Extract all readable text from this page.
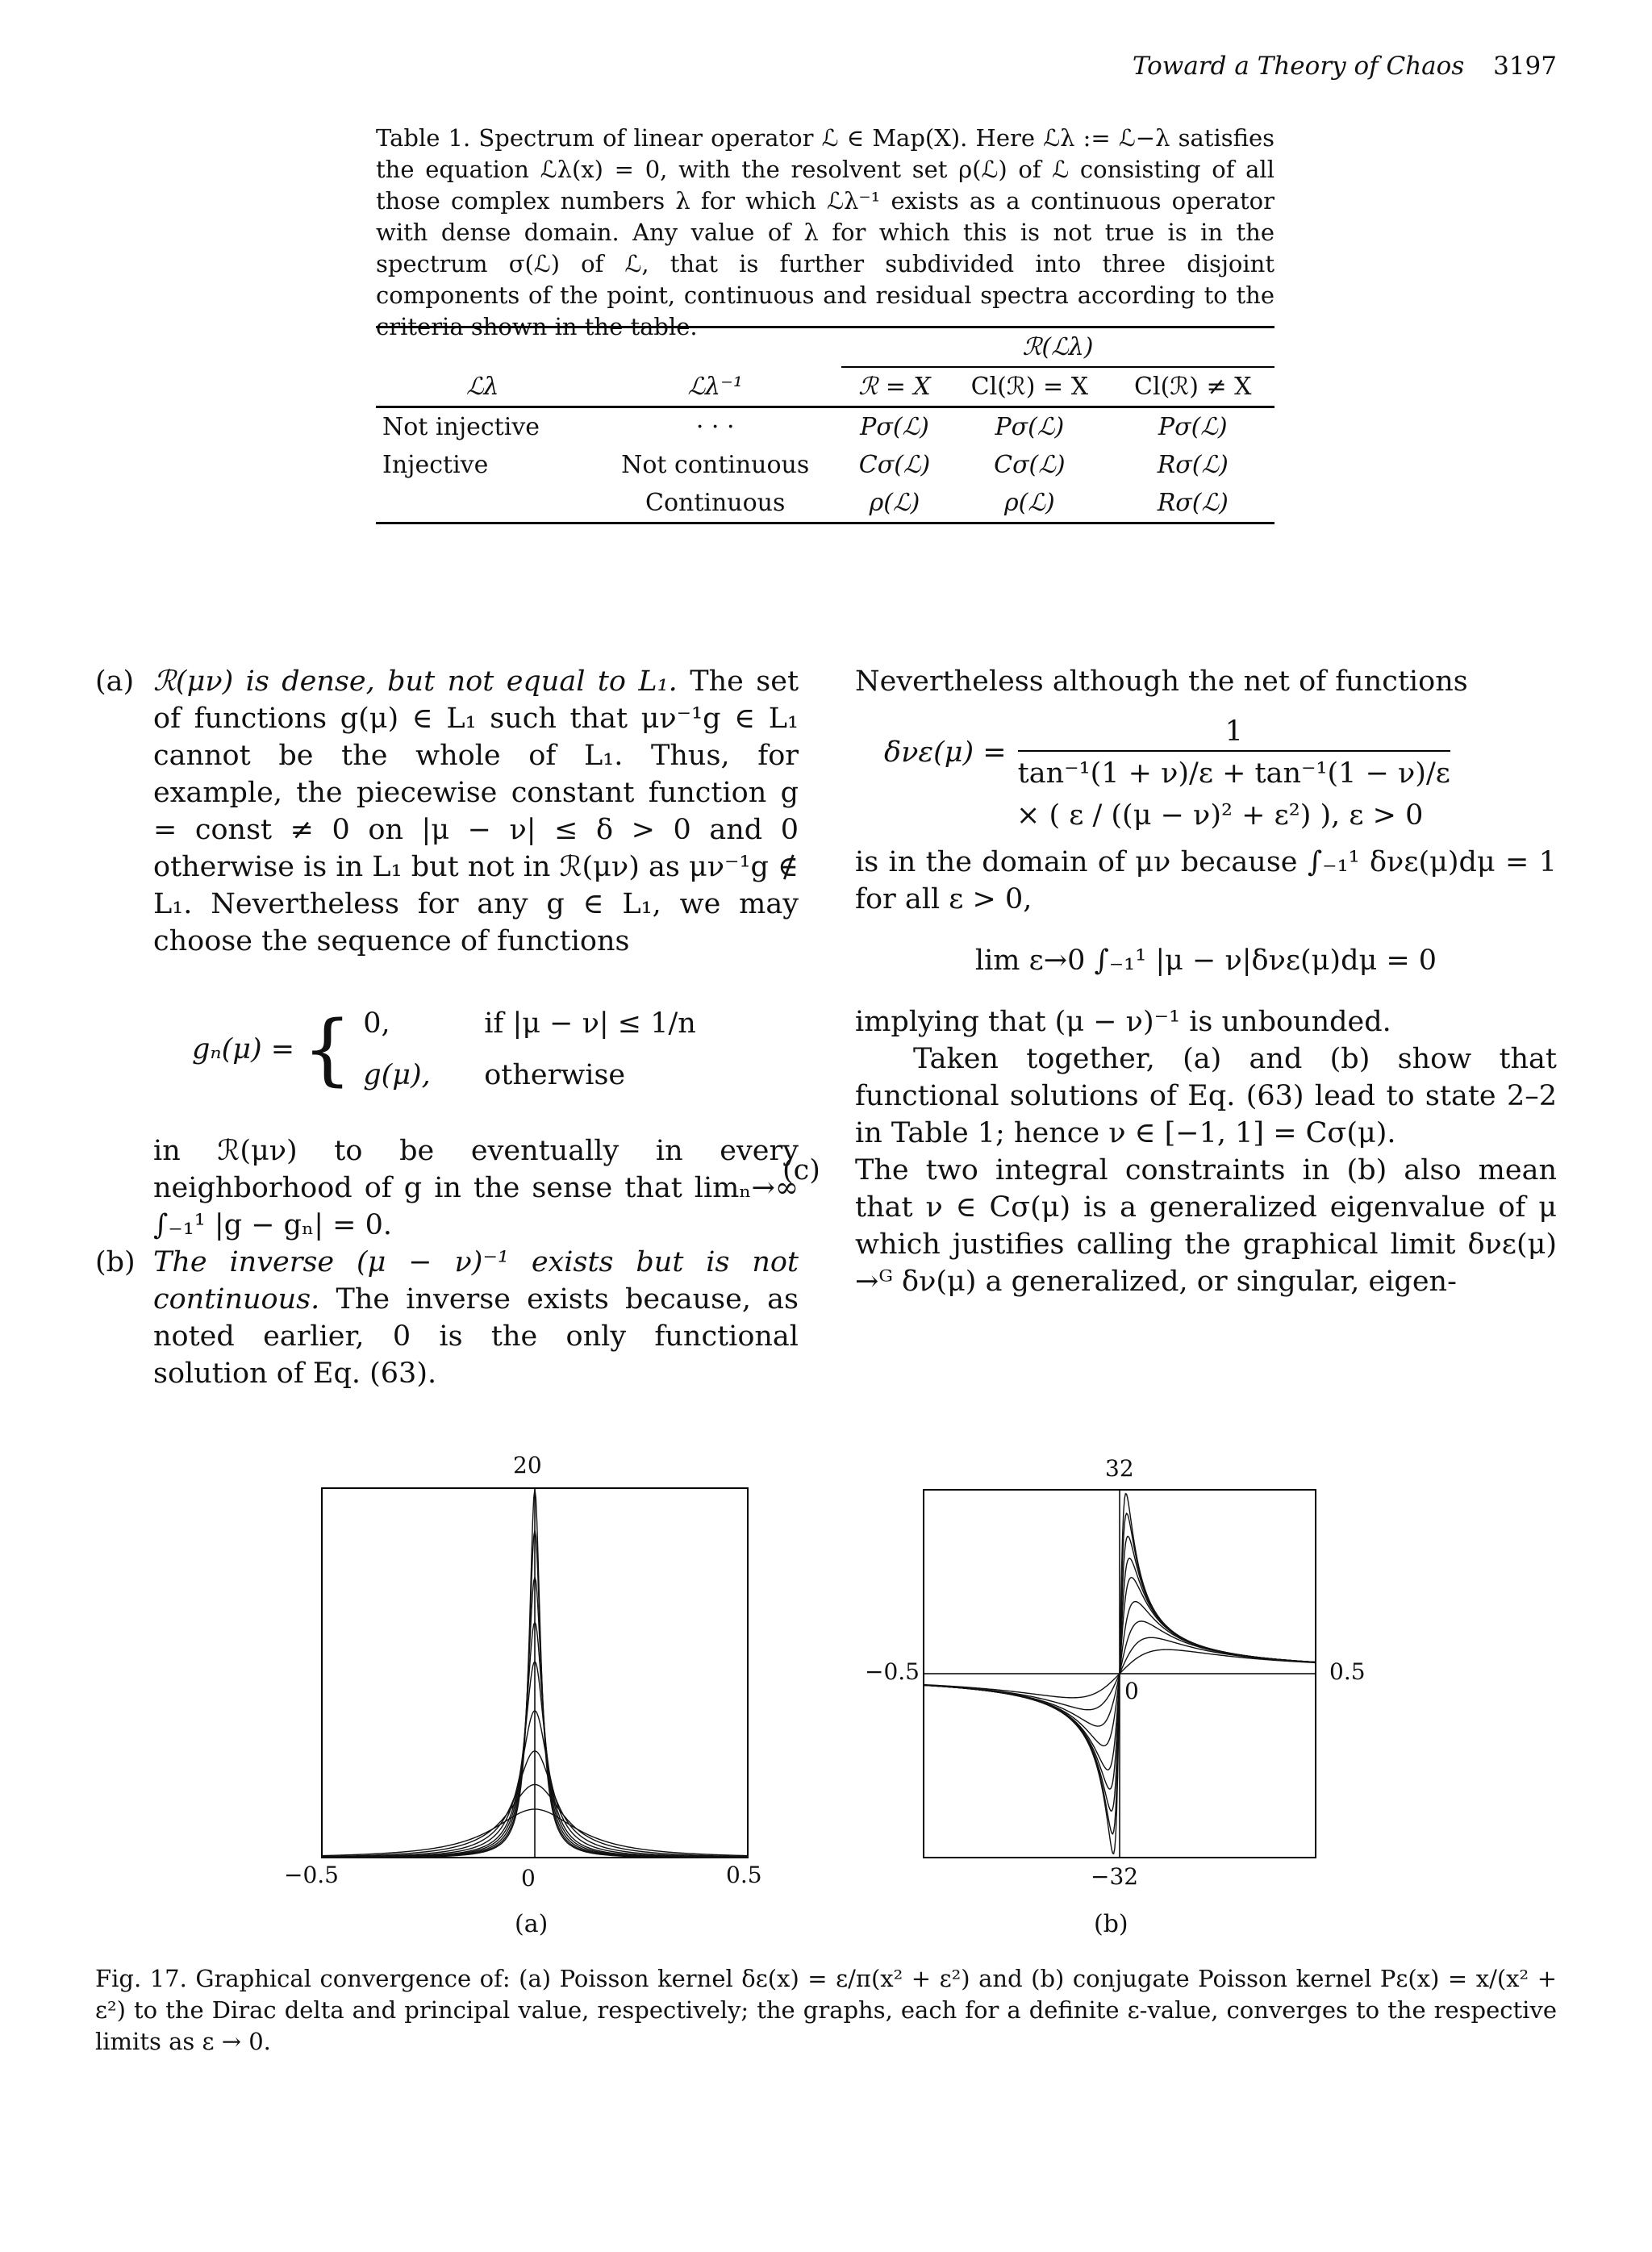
Toward a Theory of Chaos 3197
Table 1. Spectrum of linear operator ℒ ∈ Map(X). Here ℒλ := ℒ−λ satisfies the equation ℒλ(x) = 0, with the resolvent set ρ(ℒ) of ℒ consisting of all those complex numbers λ for which ℒλ⁻¹ exists as a continuous operator with dense domain. Any value of λ for which this is not true is in the spectrum σ(ℒ) of ℒ, that is further subdivided into three disjoint components of the point, continuous and residual spectra according to the criteria shown in the table.
		ℛ(ℒλ)		
ℒλ	ℒλ⁻¹	ℛ = X	Cl(ℛ) = X	Cl(ℛ) ≠ X
Not injective	· · ·	Pσ(ℒ)	Pσ(ℒ)	Pσ(ℒ)
Injective	Not continuous	Cσ(ℒ)	Cσ(ℒ)	Rσ(ℒ)
	Continuous	ρ(ℒ)	ρ(ℒ)	Rσ(ℒ)
(a) ℛ(μν) is dense, but not equal to L₁. The set of functions g(μ) ∈ L₁ such that μν⁻¹g ∈ L₁ cannot be the whole of L₁. Thus, for example, the piecewise constant function g = const ≠ 0 on |μ − ν| ≤ δ > 0 and 0 otherwise is in L₁ but not in ℛ(μν) as μν⁻¹g ∉ L₁. Nevertheless for any g ∈ L₁, we may choose the sequence of functions
gₙ(μ) = { 0,	if |μ − ν| ≤ 1/n
g(μ),	otherwise
in ℛ(μν) to be eventually in every neighborhood of g in the sense that limₙ→∞ ∫₋₁¹ |g − gₙ| = 0.
(b) The inverse (μ − ν)⁻¹ exists but is not continuous. The inverse exists because, as noted earlier, 0 is the only functional solution of Eq. (63).

Nevertheless although the net of functions

$\delta\nu\varepsilon(\mu) = \frac{1}{\text{tan⁻¹(1 + ν)/ε + tan⁻¹(1 − ν)/ε}}$
× ( ε / ((μ − ν)² + ε²) ), ε > 0

is in the domain of μν because ∫₋₁¹ δνε(μ)dμ = 1 for all ε > 0,

lim ε→0 ∫₋₁¹ |μ − ν|δνε(μ)dμ = 0

implying that (μ − ν)⁻¹ is unbounded.

Taken together, (a) and (b) show that functional solutions of Eq. (63) lead to state 2–2 in Table 1; hence ν ∈ [−1, 1] = Cσ(μ).

(c) The two integral constraints in (b) also mean that ν ∈ Cσ(μ) is a generalized eigenvalue of μ which justifies calling the graphical limit δνε(μ) →ᴳ δν(μ) a generalized, or singular, eigen-
20
−0.5	0	0.5
(a)
32
−32
−0.5
0
0.5
(b)
Fig. 17. Graphical convergence of: (a) Poisson kernel δε(x) = ε/π(x² + ε²) and (b) conjugate Poisson kernel Pε(x) = x/(x² + ε²) to the Dirac delta and principal value, respectively; the graphs, each for a definite ε-value, converges to the respective limits as ε → 0.
